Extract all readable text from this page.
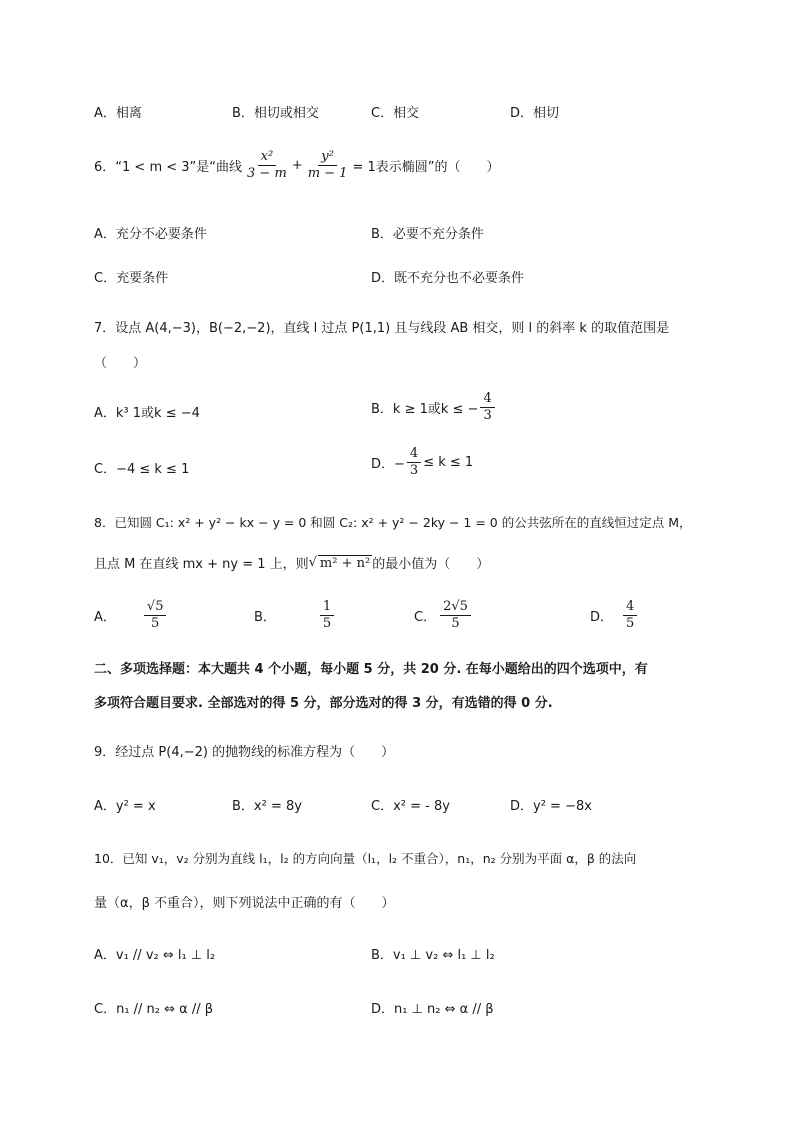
A．相离	B．相切或相交	C．相交	D．相切
6． “1 < m < 3”是“曲线 $\frac{\text{x²}}{3 - m} + \frac{\text{y²}}{m - 1} = 1$表示椭圆”的（　　）
A．充分不必要条件	B．必要不充分条件
C．充要条件	D．既不充分也不必要条件
7．设点 A(4,−3)，B(−2,−2)，直线 l 过点 P(1,1) 且与线段 AB 相交，则 l 的斜率 k 的取值范围是
（　　）
A．k³ 1或k ≤ −4	B．k ≥ 1或k ≤ − $\frac{4}{3}$
C．−4 ≤ k ≤ 1	D．− $\frac{4}{3} \le k \le 1$
8．已知圆 C₁: x² + y² − kx − y = 0 和圆 C₂: x² + y² − 2ky − 1 = 0 的公共弦所在的直线恒过定点 M，
且点 M 在直线 mx + ny = 1 上，则 √ m² + n² 的最小值为（　　）
A． $\frac{√5}{5}$	B．	$\frac{1}{5}$	C． $\frac{2√5}{5}$	D． $\frac{4}{5}$
二、多项选择题：本大题共 4 个小题，每小题 5 分，共 20 分. 在每小题给出的四个选项中，有
多项符合题目要求. 全部选对的得 5 分，部分选对的得 3 分，有选错的得 0 分.
9．经过点 P(4,−2) 的抛物线的标准方程为（　　）
A．y² = x	B．x² = 8y	C．x² = - 8y	D．y² = −8x
10．已知 v₁，v₂ 分别为直线 l₁，l₂ 的方向向量（l₁，l₂ 不重合），n₁，n₂ 分别为平面 α，β 的法向
量（α，β 不重合），则下列说法中正确的有（　　）
A．v₁ // v₂ ⇔ l₁ ⊥ l₂	B．v₁ ⊥ v₂ ⇔ l₁ ⊥ l₂
C．n₁ // n₂ ⇔ α // β	D．n₁ ⊥ n₂ ⇔ α // β
